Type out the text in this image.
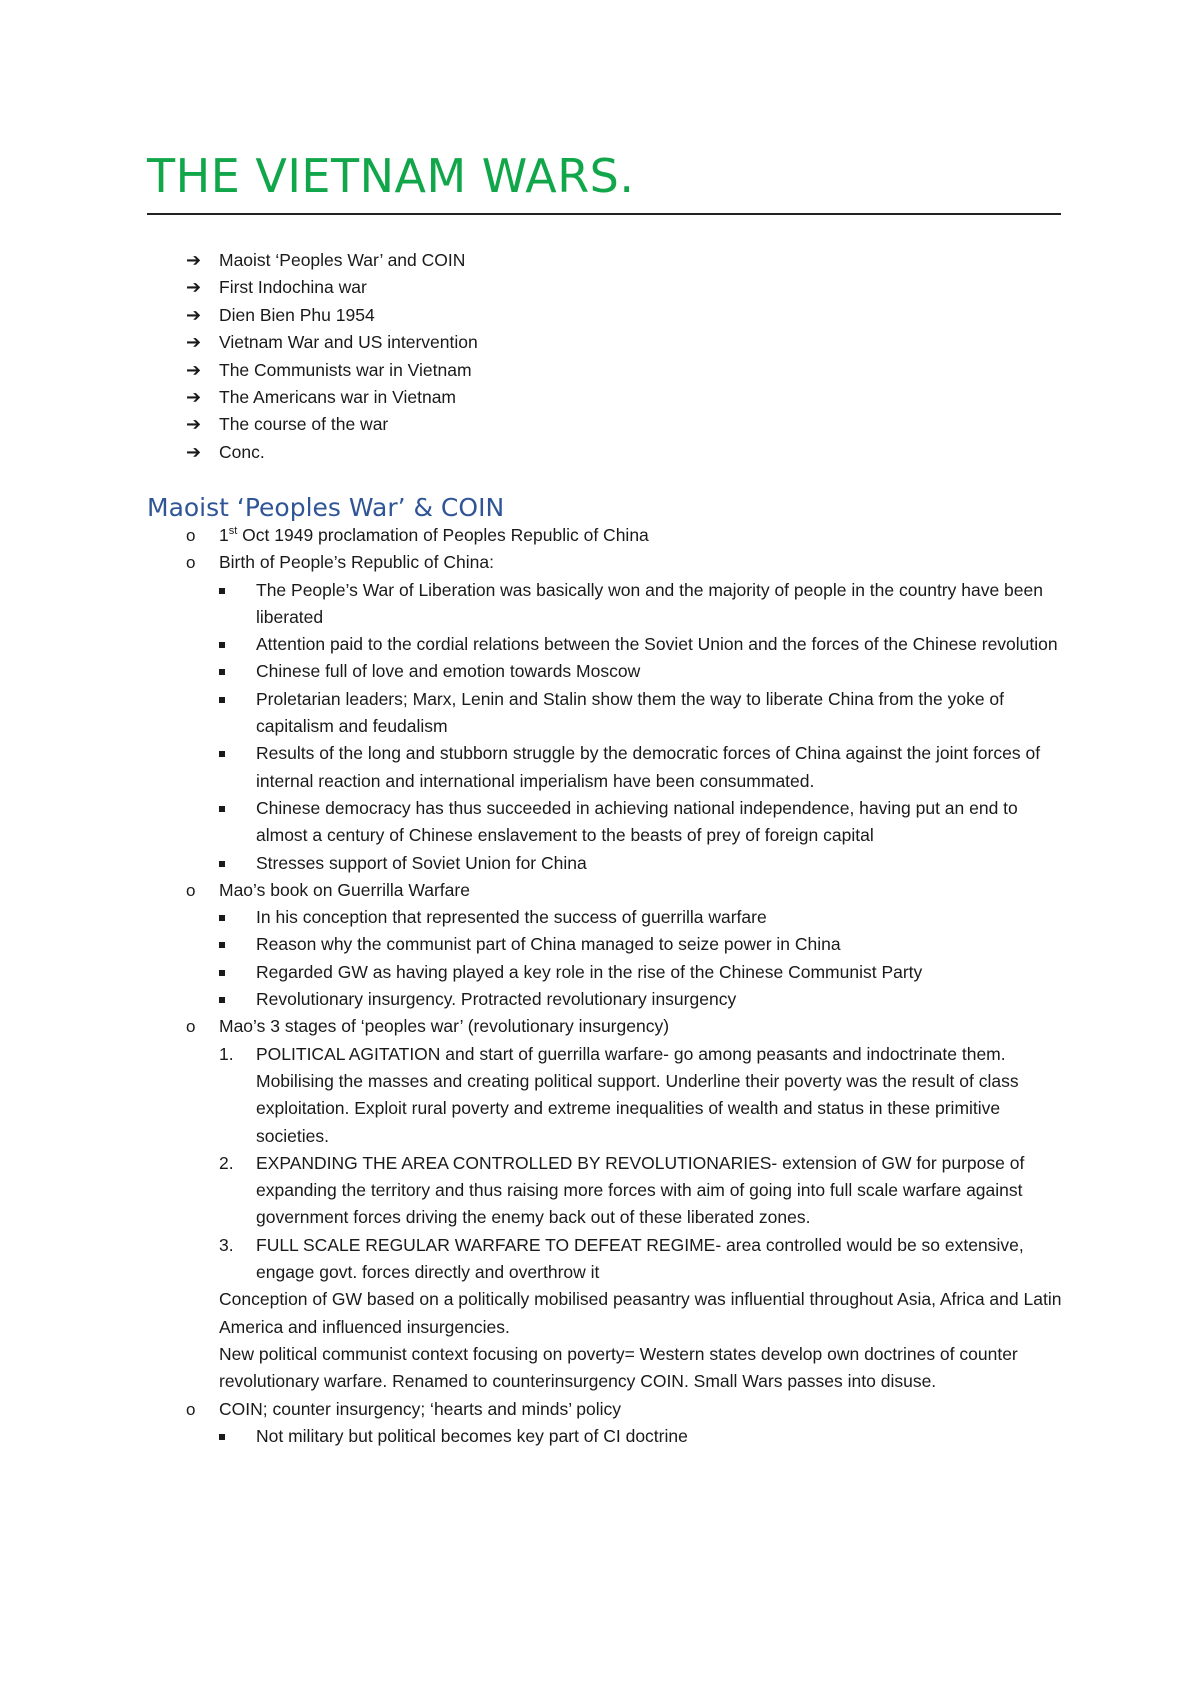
THE VIETNAM WARS.
➔ Maoist ‘Peoples War’ and COIN
➔ First Indochina war
➔ Dien Bien Phu 1954
➔ Vietnam War and US intervention
➔ The Communists war in Vietnam
➔ The Americans war in Vietnam
➔ The course of the war
➔ Conc.
Maoist ‘Peoples War’ & COIN
o 1st Oct 1949 proclamation of Peoples Republic of China
o Birth of People’s Republic of China:
The People’s War of Liberation was basically won and the majority of people in the country have been liberated
Attention paid to the cordial relations between the Soviet Union and the forces of the Chinese revolution
Chinese full of love and emotion towards Moscow
Proletarian leaders; Marx, Lenin and Stalin show them the way to liberate China from the yoke of capitalism and feudalism
Results of the long and stubborn struggle by the democratic forces of China against the joint forces of internal reaction and international imperialism have been consummated.
Chinese democracy has thus succeeded in achieving national independence, having put an end to almost a century of Chinese enslavement to the beasts of prey of foreign capital
Stresses support of Soviet Union for China
o Mao’s book on Guerrilla Warfare
In his conception that represented the success of guerrilla warfare
Reason why the communist part of China managed to seize power in China
Regarded GW as having played a key role in the rise of the Chinese Communist Party
Revolutionary insurgency. Protracted revolutionary insurgency
o Mao’s 3 stages of ‘peoples war’ (revolutionary insurgency)
1. POLITICAL AGITATION and start of guerrilla warfare- go among peasants and indoctrinate them. Mobilising the masses and creating political support. Underline their poverty was the result of class exploitation. Exploit rural poverty and extreme inequalities of wealth and status in these primitive societies.
2. EXPANDING THE AREA CONTROLLED BY REVOLUTIONARIES- extension of GW for purpose of expanding the territory and thus raising more forces with aim of going into full scale warfare against government forces driving the enemy back out of these liberated zones.
3. FULL SCALE REGULAR WARFARE TO DEFEAT REGIME- area controlled would be so extensive, engage govt. forces directly and overthrow it
Conception of GW based on a politically mobilised peasantry was influential throughout Asia, Africa and Latin America and influenced insurgencies.
New political communist context focusing on poverty= Western states develop own doctrines of counter revolutionary warfare. Renamed to counterinsurgency COIN. Small Wars passes into disuse.
o COIN; counter insurgency; ‘hearts and minds’ policy
Not military but political becomes key part of CI doctrine
